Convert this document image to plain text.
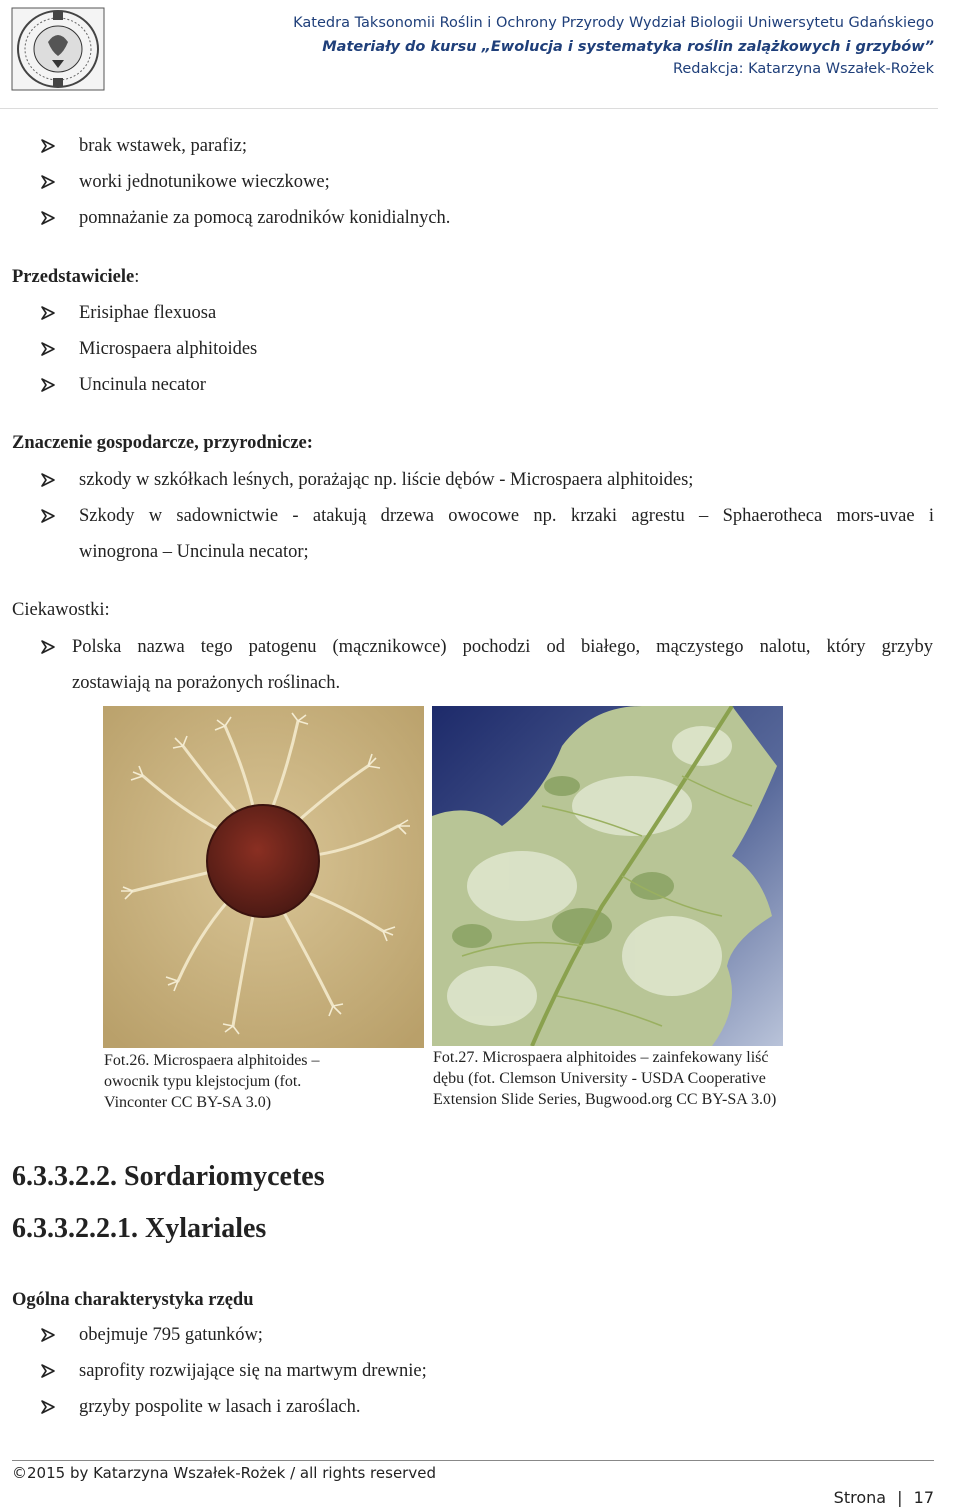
Katedra Taksonomii Roślin i Ochrony Przyrody Wydział Biologii Uniwersytetu Gdańskiego
Materiały do kursu „Ewolucja i systematyka roślin zalążkowych i grzybów”
Redakcja: Katarzyna Wszałek-Rożek
brak wstawek, parafiz;
worki jednotunikowe wieczkowe;
pomnażanie za pomocą zarodników konidialnych.
Przedstawiciele:
Erisiphae flexuosa
Microspaera alphitoides
Uncinula necator
Znaczenie gospodarcze, przyrodnicze:
szkody w szkółkach leśnych, porażając np. liście dębów - Microspaera alphitoides;
Szkody w sadownictwie - atakują drzewa owocowe np. krzaki agrestu – Sphaerotheca mors-uvae i
winogrona – Uncinula necator;
Ciekawostki:
Polska nazwa tego patogenu (mącznikowce) pochodzi od białego, mączystego nalotu, który grzyby
zostawiają na porażonych roślinach.
Fot.26. Microspaera alphitoides –
owocnik typu klejstocjum (fot.
Vinconter CC BY-SA 3.0)
Fot.27. Microspaera alphitoides – zainfekowany liść
dębu (fot. Clemson University - USDA Cooperative
Extension Slide Series, Bugwood.org CC BY-SA 3.0)
6.3.3.2.2. Sordariomycetes
6.3.3.2.2.1. Xylariales
Ogólna charakterystyka rzędu
obejmuje 795 gatunków;
saprofity rozwijające się na martwym drewnie;
grzyby pospolite w lasach i zaroślach.
©2015 by Katarzyna Wszałek-Rożek / all rights reserved
Strona | 17
